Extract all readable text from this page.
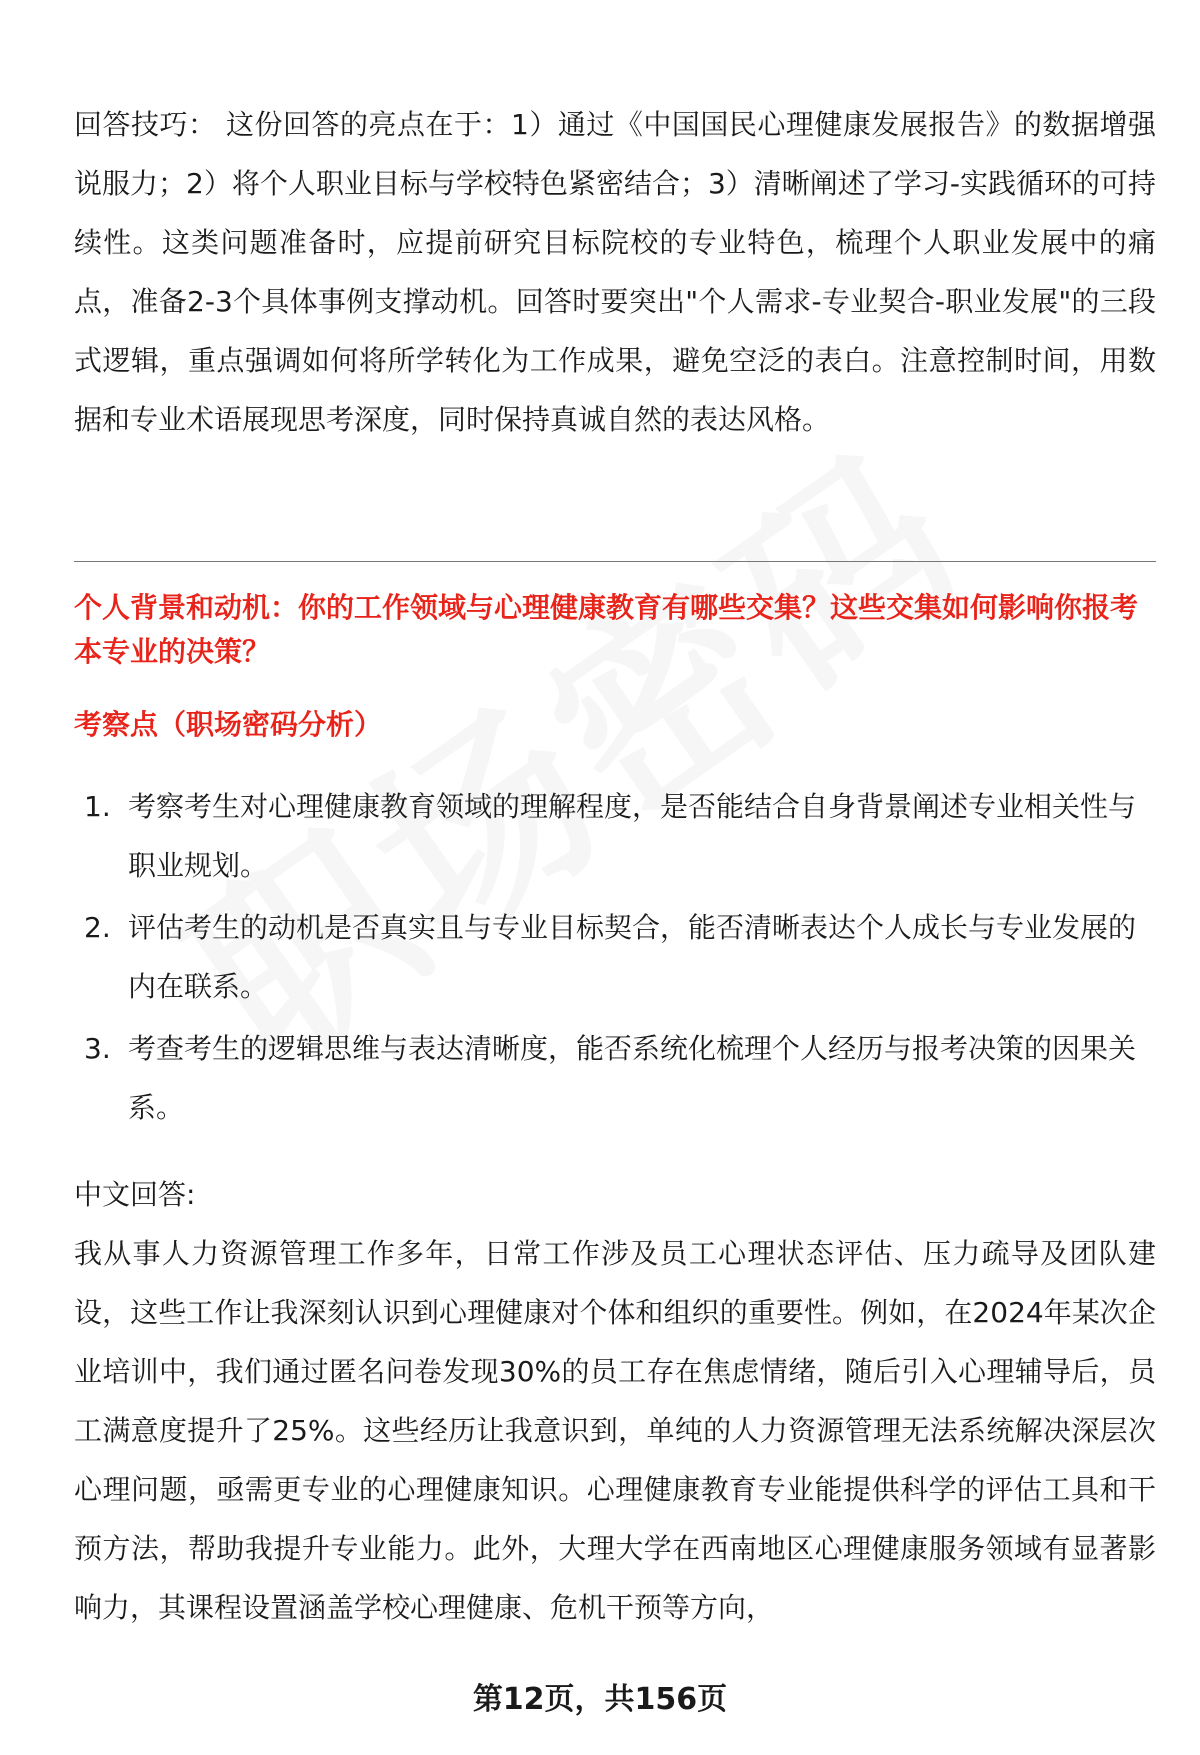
回答技巧： 这份回答的亮点在于：1）通过《中国国民心理健康发展报告》的数据增强说服力；2）将个人职业目标与学校特色紧密结合；3）清晰阐述了学习-实践循环的可持续性。这类问题准备时，应提前研究目标院校的专业特色，梳理个人职业发展中的痛点，准备2-3个具体事例支撑动机。回答时要突出"个人需求-专业契合-职业发展"的三段式逻辑，重点强调如何将所学转化为工作成果，避免空泛的表白。注意控制时间，用数据和专业术语展现思考深度，同时保持真诚自然的表达风格。

个人背景和动机：你的工作领域与心理健康教育有哪些交集？这些交集如何影响你报考本专业的决策？

考察点（职场密码分析）

1. 考察考生对心理健康教育领域的理解程度，是否能结合自身背景阐述专业相关性与职业规划。
2. 评估考生的动机是否真实且与专业目标契合，能否清晰表达个人成长与专业发展的内在联系。
3. 考查考生的逻辑思维与表达清晰度，能否系统化梳理个人经历与报考决策的因果关系。

中文回答:

我从事人力资源管理工作多年，日常工作涉及员工心理状态评估、压力疏导及团队建设，这些工作让我深刻认识到心理健康对个体和组织的重要性。例如，在2024年某次企业培训中，我们通过匿名问卷发现30%的员工存在焦虑情绪，随后引入心理辅导后，员工满意度提升了25%。这些经历让我意识到，单纯的人力资源管理无法系统解决深层次心理问题，亟需更专业的心理健康知识。心理健康教育专业能提供科学的评估工具和干预方法，帮助我提升专业能力。此外，大理大学在西南地区心理健康服务领域有显著影响力，其课程设置涵盖学校心理健康、危机干预等方向，

第12页，共156页
